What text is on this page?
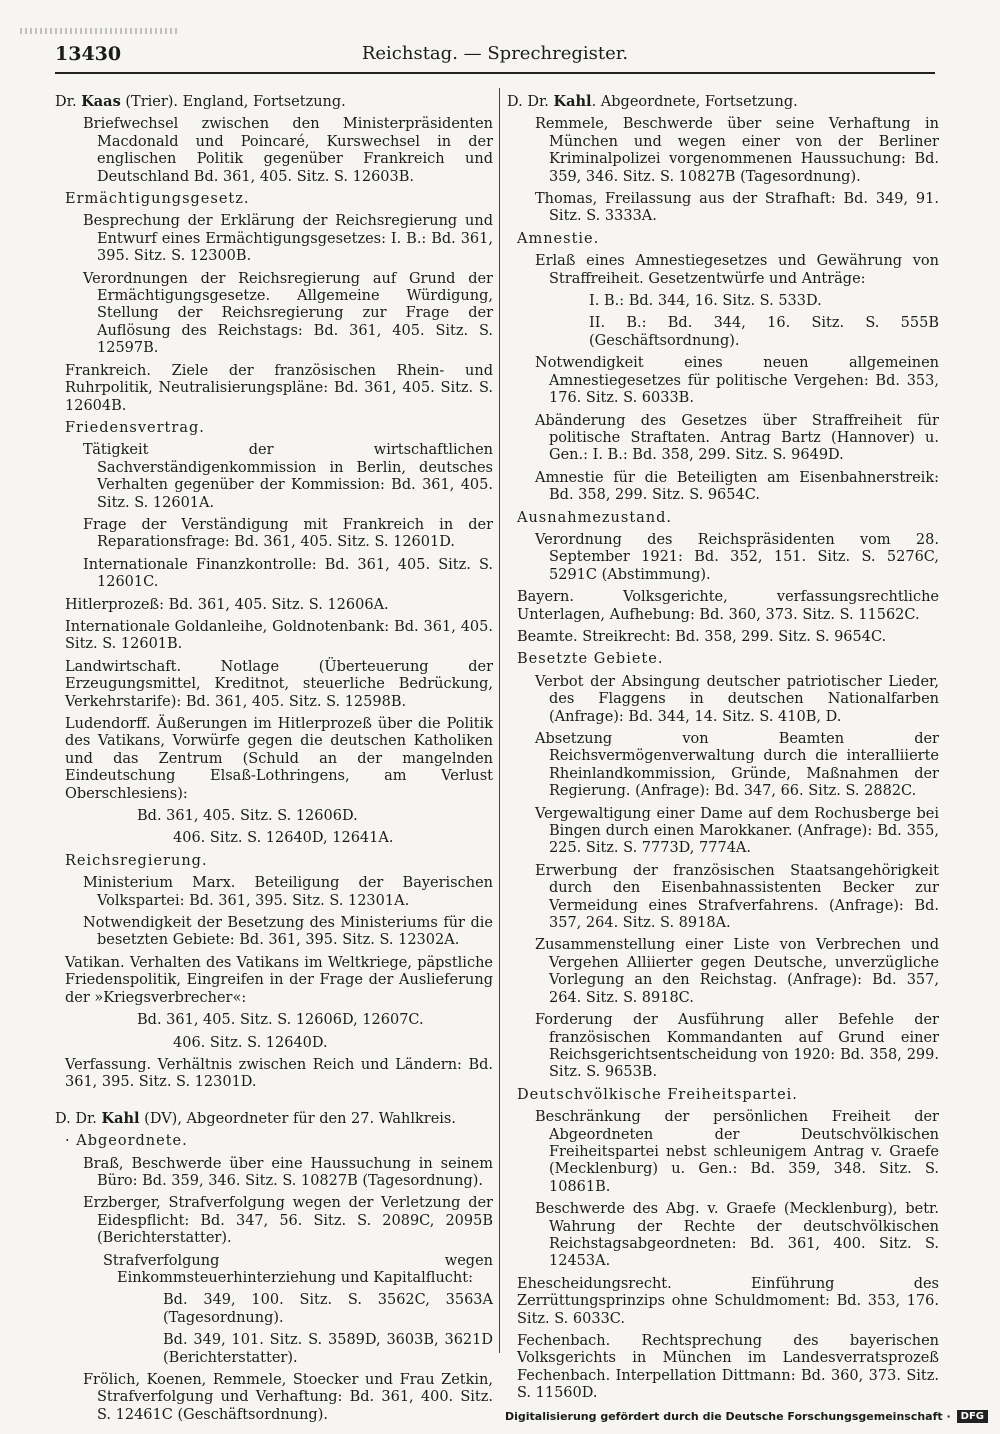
13430	Reichstag. — Sprechregister.

Dr. Kaas (Trier). England, Fortsetzung.

Briefwechsel zwischen den Ministerpräsidenten Macdonald und Poincaré, Kurswechsel in der englischen Politik gegenüber Frankreich und Deutschland Bd. 361, 405. Sitz. S. 12603B.

Ermächtigungsgesetz.

Besprechung der Erklärung der Reichsregierung und Entwurf eines Ermächtigungsgesetzes: I. B.: Bd. 361, 395. Sitz. S. 12300B.

Verordnungen der Reichsregierung auf Grund der Ermächtigungsgesetze. Allgemeine Würdigung, Stellung der Reichsregierung zur Frage der Auflösung des Reichstags: Bd. 361, 405. Sitz. S. 12597B.

Frankreich. Ziele der französischen Rhein- und Ruhrpolitik, Neutralisierungspläne: Bd. 361, 405. Sitz. S. 12604B.

Friedensvertrag.

Tätigkeit der wirtschaftlichen Sachverständigenkommission in Berlin, deutsches Verhalten gegenüber der Kommission: Bd. 361, 405. Sitz. S. 12601A.

Frage der Verständigung mit Frankreich in der Reparationsfrage: Bd. 361, 405. Sitz. S. 12601D.

Internationale Finanzkontrolle: Bd. 361, 405. Sitz. S. 12601C.

Hitlerprozeß: Bd. 361, 405. Sitz. S. 12606A.

Internationale Goldanleihe, Goldnotenbank: Bd. 361, 405. Sitz. S. 12601B.

Landwirtschaft. Notlage (Überteuerung der Erzeugungsmittel, Kreditnot, steuerliche Bedrückung, Verkehrstarife): Bd. 361, 405. Sitz. S. 12598B.

Ludendorff. Äußerungen im Hitlerprozeß über die Politik des Vatikans, Vorwürfe gegen die deutschen Katholiken und das Zentrum (Schuld an der mangelnden Eindeutschung Elsaß-Lothringens, am Verlust Oberschlesiens):

Bd. 361, 405. Sitz. S. 12606D.

406. Sitz. S. 12640D, 12641A.

Reichsregierung.

Ministerium Marx. Beteiligung der Bayerischen Volkspartei: Bd. 361, 395. Sitz. S. 12301A.

Notwendigkeit der Besetzung des Ministeriums für die besetzten Gebiete: Bd. 361, 395. Sitz. S. 12302A.

Vatikan. Verhalten des Vatikans im Weltkriege, päpstliche Friedenspolitik, Eingreifen in der Frage der Auslieferung der »Kriegsverbrecher«:

Bd. 361, 405. Sitz. S. 12606D, 12607C.

406. Sitz. S. 12640D.

Verfassung. Verhältnis zwischen Reich und Ländern: Bd. 361, 395. Sitz. S. 12301D.

D. Dr. Kahl (DV), Abgeordneter für den 27. Wahlkreis.

· Abgeordnete.

Braß, Beschwerde über eine Haussuchung in seinem Büro: Bd. 359, 346. Sitz. S. 10827B (Tagesordnung).

Erzberger, Strafverfolgung wegen der Verletzung der Eidespflicht: Bd. 347, 56. Sitz. S. 2089C, 2095B (Berichterstatter).

Strafverfolgung wegen Einkommsteuerhinterziehung und Kapitalflucht:

Bd. 349, 100. Sitz. S. 3562C, 3563A (Tagesordnung).

Bd. 349, 101. Sitz. S. 3589D, 3603B, 3621D (Berichterstatter).

Frölich, Koenen, Remmele, Stoecker und Frau Zetkin, Strafverfolgung und Verhaftung: Bd. 361, 400. Sitz. S. 12461C (Geschäftsordnung).

D. Dr. Kahl. Abgeordnete, Fortsetzung.

Remmele, Beschwerde über seine Verhaftung in München und wegen einer von der Berliner Kriminalpolizei vorgenommenen Haussuchung: Bd. 359, 346. Sitz. S. 10827B (Tagesordnung).

Thomas, Freilassung aus der Strafhaft: Bd. 349, 91. Sitz. S. 3333A.

Amnestie.

Erlaß eines Amnestiegesetzes und Gewährung von Straffreiheit. Gesetzentwürfe und Anträge:

I. B.: Bd. 344, 16. Sitz. S. 533D.

II. B.: Bd. 344, 16. Sitz. S. 555B (Geschäftsordnung).

Notwendigkeit eines neuen allgemeinen Amnestiegesetzes für politische Vergehen: Bd. 353, 176. Sitz. S. 6033B.

Abänderung des Gesetzes über Straffreiheit für politische Straftaten. Antrag Bartz (Hannover) u. Gen.: I. B.: Bd. 358, 299. Sitz. S. 9649D.

Amnestie für die Beteiligten am Eisenbahnerstreik: Bd. 358, 299. Sitz. S. 9654C.

Ausnahmezustand.

Verordnung des Reichspräsidenten vom 28. September 1921: Bd. 352, 151. Sitz. S. 5276C, 5291C (Abstimmung).

Bayern. Volksgerichte, verfassungsrechtliche Unterlagen, Aufhebung: Bd. 360, 373. Sitz. S. 11562C.

Beamte. Streikrecht: Bd. 358, 299. Sitz. S. 9654C.

Besetzte Gebiete.

Verbot der Absingung deutscher patriotischer Lieder, des Flaggens in deutschen Nationalfarben (Anfrage): Bd. 344, 14. Sitz. S. 410B, D.

Absetzung von Beamten der Reichsvermögenverwaltung durch die interalliierte Rheinlandkommission, Gründe, Maßnahmen der Regierung. (Anfrage): Bd. 347, 66. Sitz. S. 2882C.

Vergewaltigung einer Dame auf dem Rochusberge bei Bingen durch einen Marokkaner. (Anfrage): Bd. 355, 225. Sitz. S. 7773D, 7774A.

Erwerbung der französischen Staatsangehörigkeit durch den Eisenbahnassistenten Becker zur Vermeidung eines Strafverfahrens. (Anfrage): Bd. 357, 264. Sitz. S. 8918A.

Zusammenstellung einer Liste von Verbrechen und Vergehen Alliierter gegen Deutsche, unverzügliche Vorlegung an den Reichstag. (Anfrage): Bd. 357, 264. Sitz. S. 8918C.

Forderung der Ausführung aller Befehle der französischen Kommandanten auf Grund einer Reichsgerichtsentscheidung von 1920: Bd. 358, 299. Sitz. S. 9653B.

Deutschvölkische Freiheitspartei.

Beschränkung der persönlichen Freiheit der Abgeordneten der Deutschvölkischen Freiheitspartei nebst schleunigem Antrag v. Graefe (Mecklenburg) u. Gen.: Bd. 359, 348. Sitz. S. 10861B.

Beschwerde des Abg. v. Graefe (Mecklenburg), betr. Wahrung der Rechte der deutschvölkischen Reichstagsabgeordneten: Bd. 361, 400. Sitz. S. 12453A.

Ehescheidungsrecht. Einführung des Zerrüttungsprinzips ohne Schuldmoment: Bd. 353, 176. Sitz. S. 6033C.

Fechenbach. Rechtsprechung des bayerischen Volksgerichts in München im Landesverratsprozeß Fechenbach. Interpellation Dittmann: Bd. 360, 373. Sitz. S. 11560D.

Digitalisierung gefördert durch die Deutsche Forschungsgemeinschaft ·	DFG
